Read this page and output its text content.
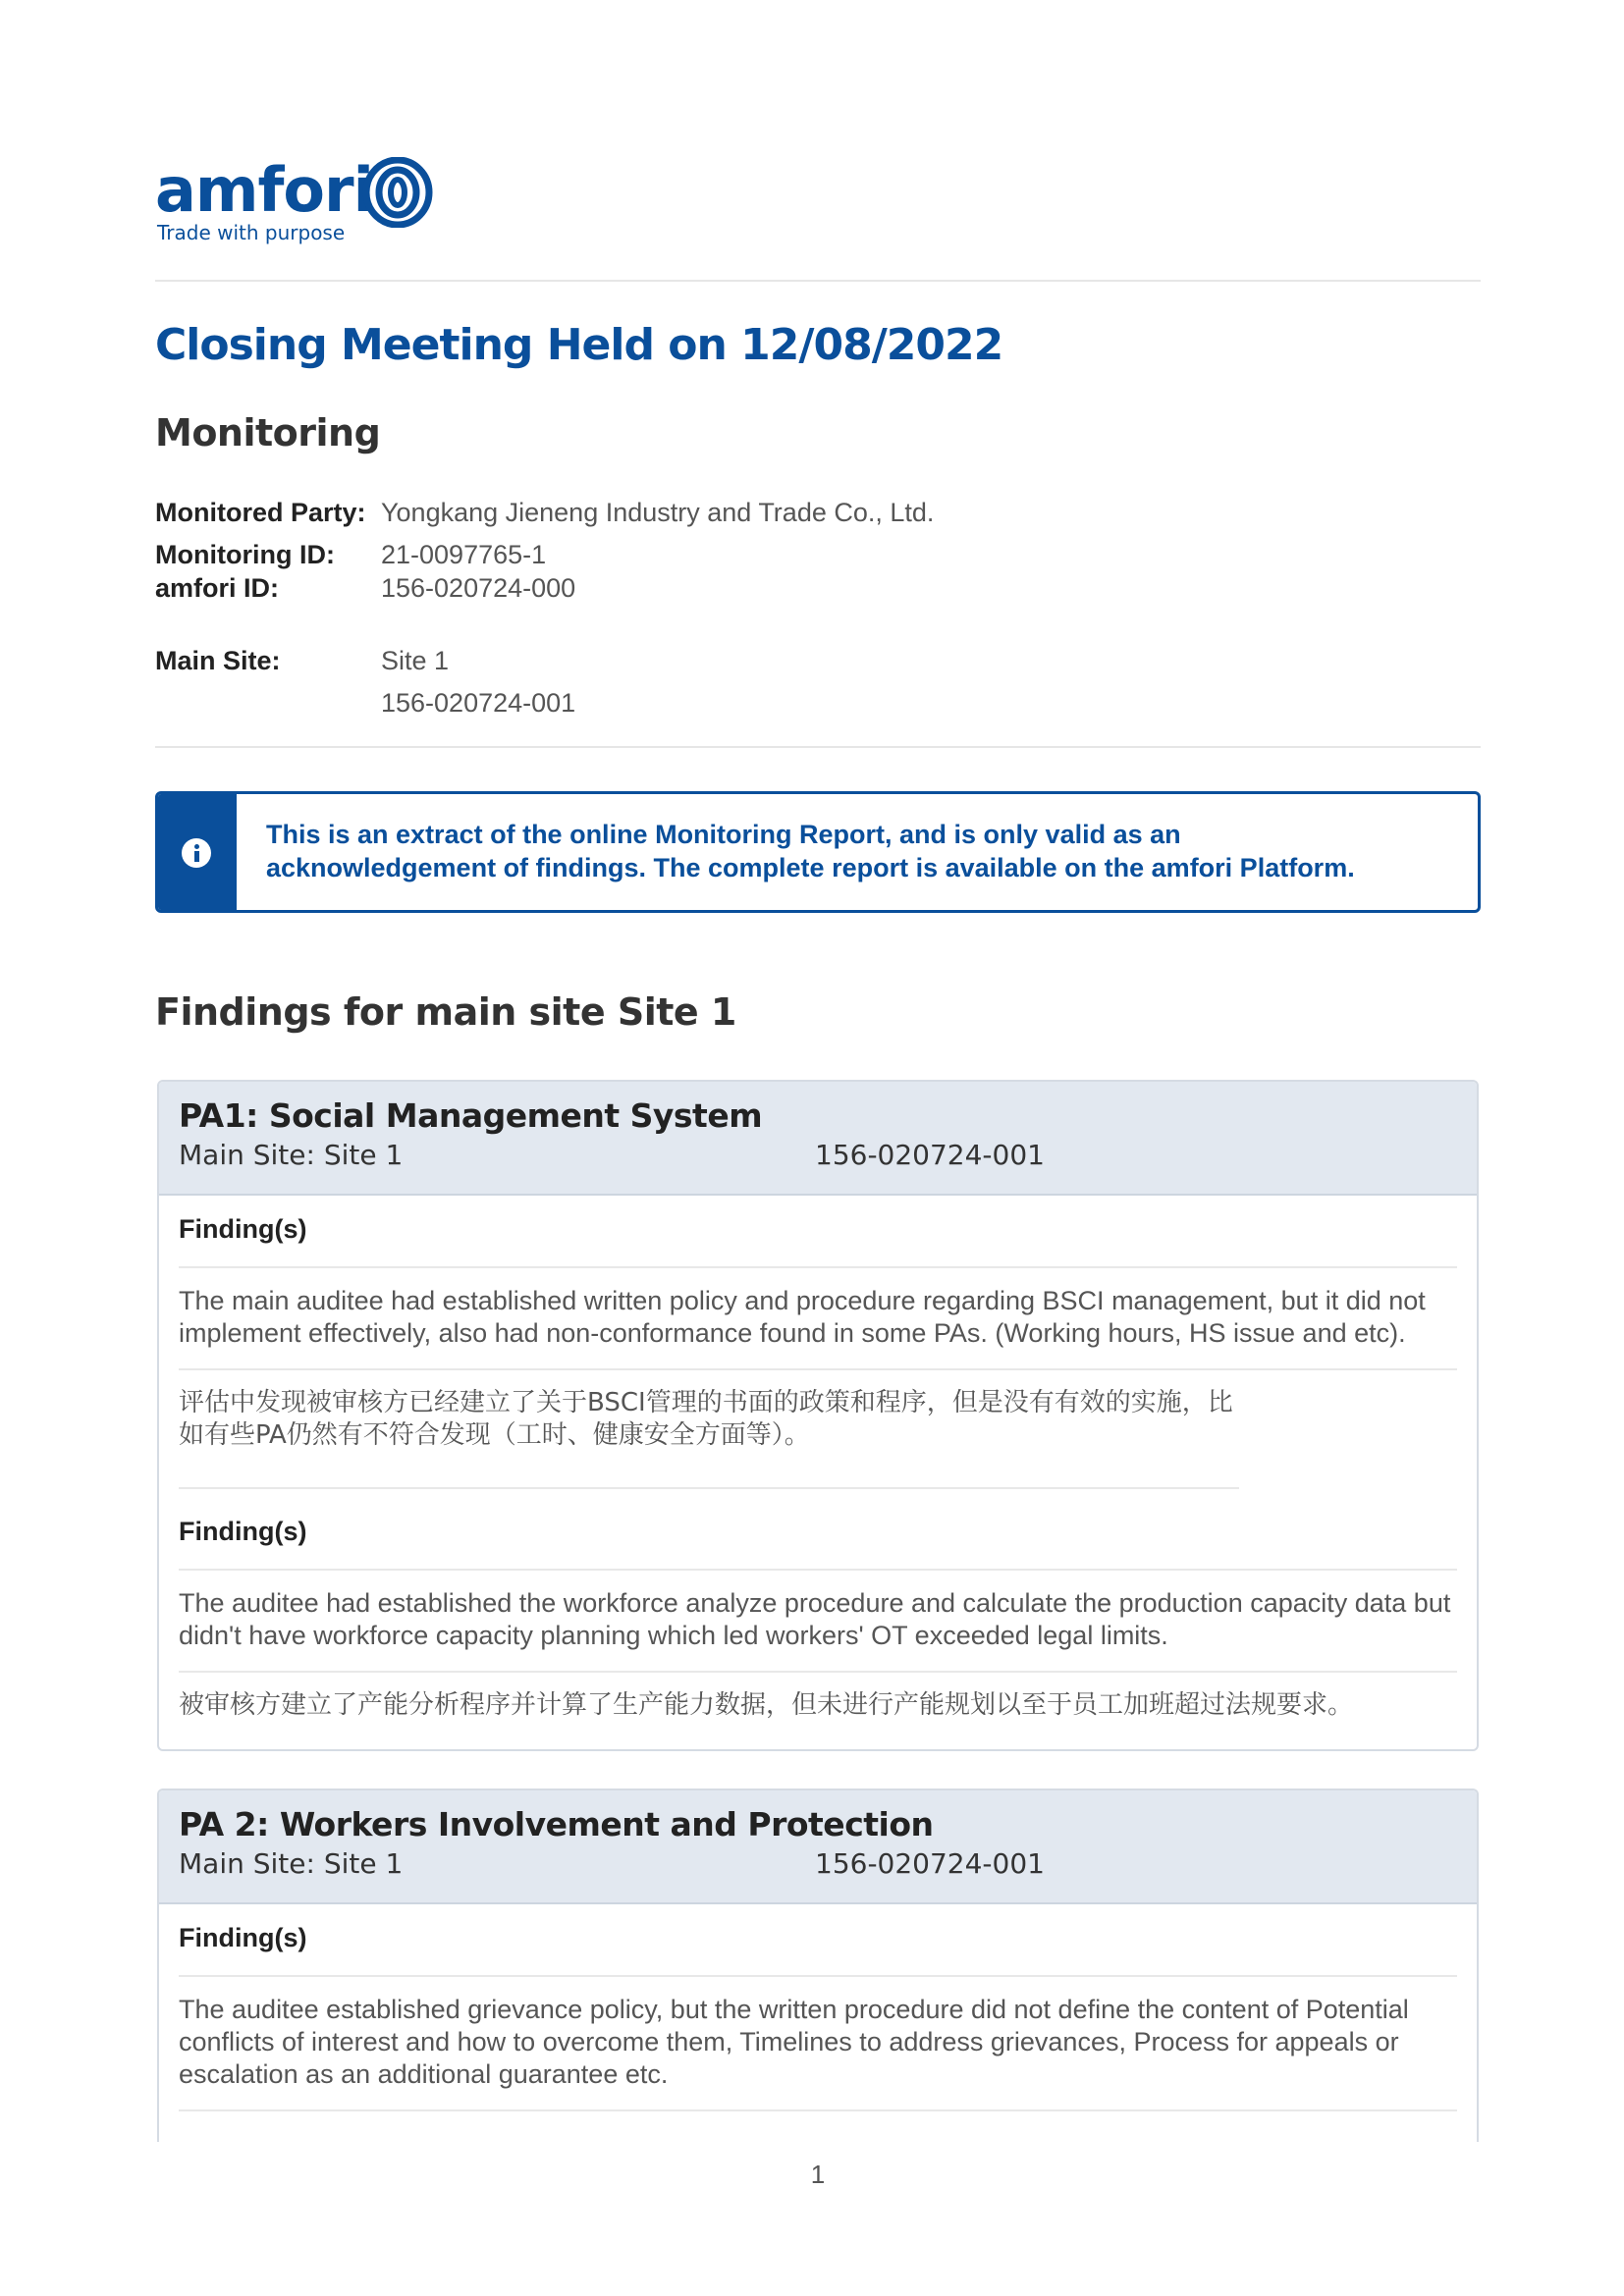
amfori
Trade with purpose
Closing Meeting Held on 12/08/2022
Monitoring
Monitored Party: Yongkang Jieneng Industry and Trade Co., Ltd.
Monitoring ID: 21-0097765-1
amfori ID:	156-020724-000
Main Site:	Site 1
156-020724-001
This is an extract of the online Monitoring Report, and is only valid as an
acknowledgement of findings. The complete report is available on the amfori Platform.
Findings for main site Site 1
PA1: Social Management System
Main Site: Site 1	156-020724-001
Finding(s)
The main auditee had established written policy and procedure regarding BSCI management, but it did not implement effectively, also had non-conformance found in some PAs. (Working hours, HS issue and etc).
评估中发现被审核方已经建立了关于BSCI管理的书面的政策和程序，但是没有有效的实施，比如有些PA仍然有不符合发现（工时、健康安全方面等）。
Finding(s)
The auditee had established the workforce analyze procedure and calculate the production capacity data but didn't have workforce capacity planning which led workers' OT exceeded legal limits.
被审核方建立了产能分析程序并计算了生产能力数据，但未进行产能规划以至于员工加班超过法规要求。
PA 2: Workers Involvement and Protection
Main Site: Site 1	156-020724-001
Finding(s)
The auditee established grievance policy, but the written procedure did not define the content of Potential conflicts of interest and how to overcome them, Timelines to address grievances, Process for appeals or escalation as an additional guarantee etc.
1
